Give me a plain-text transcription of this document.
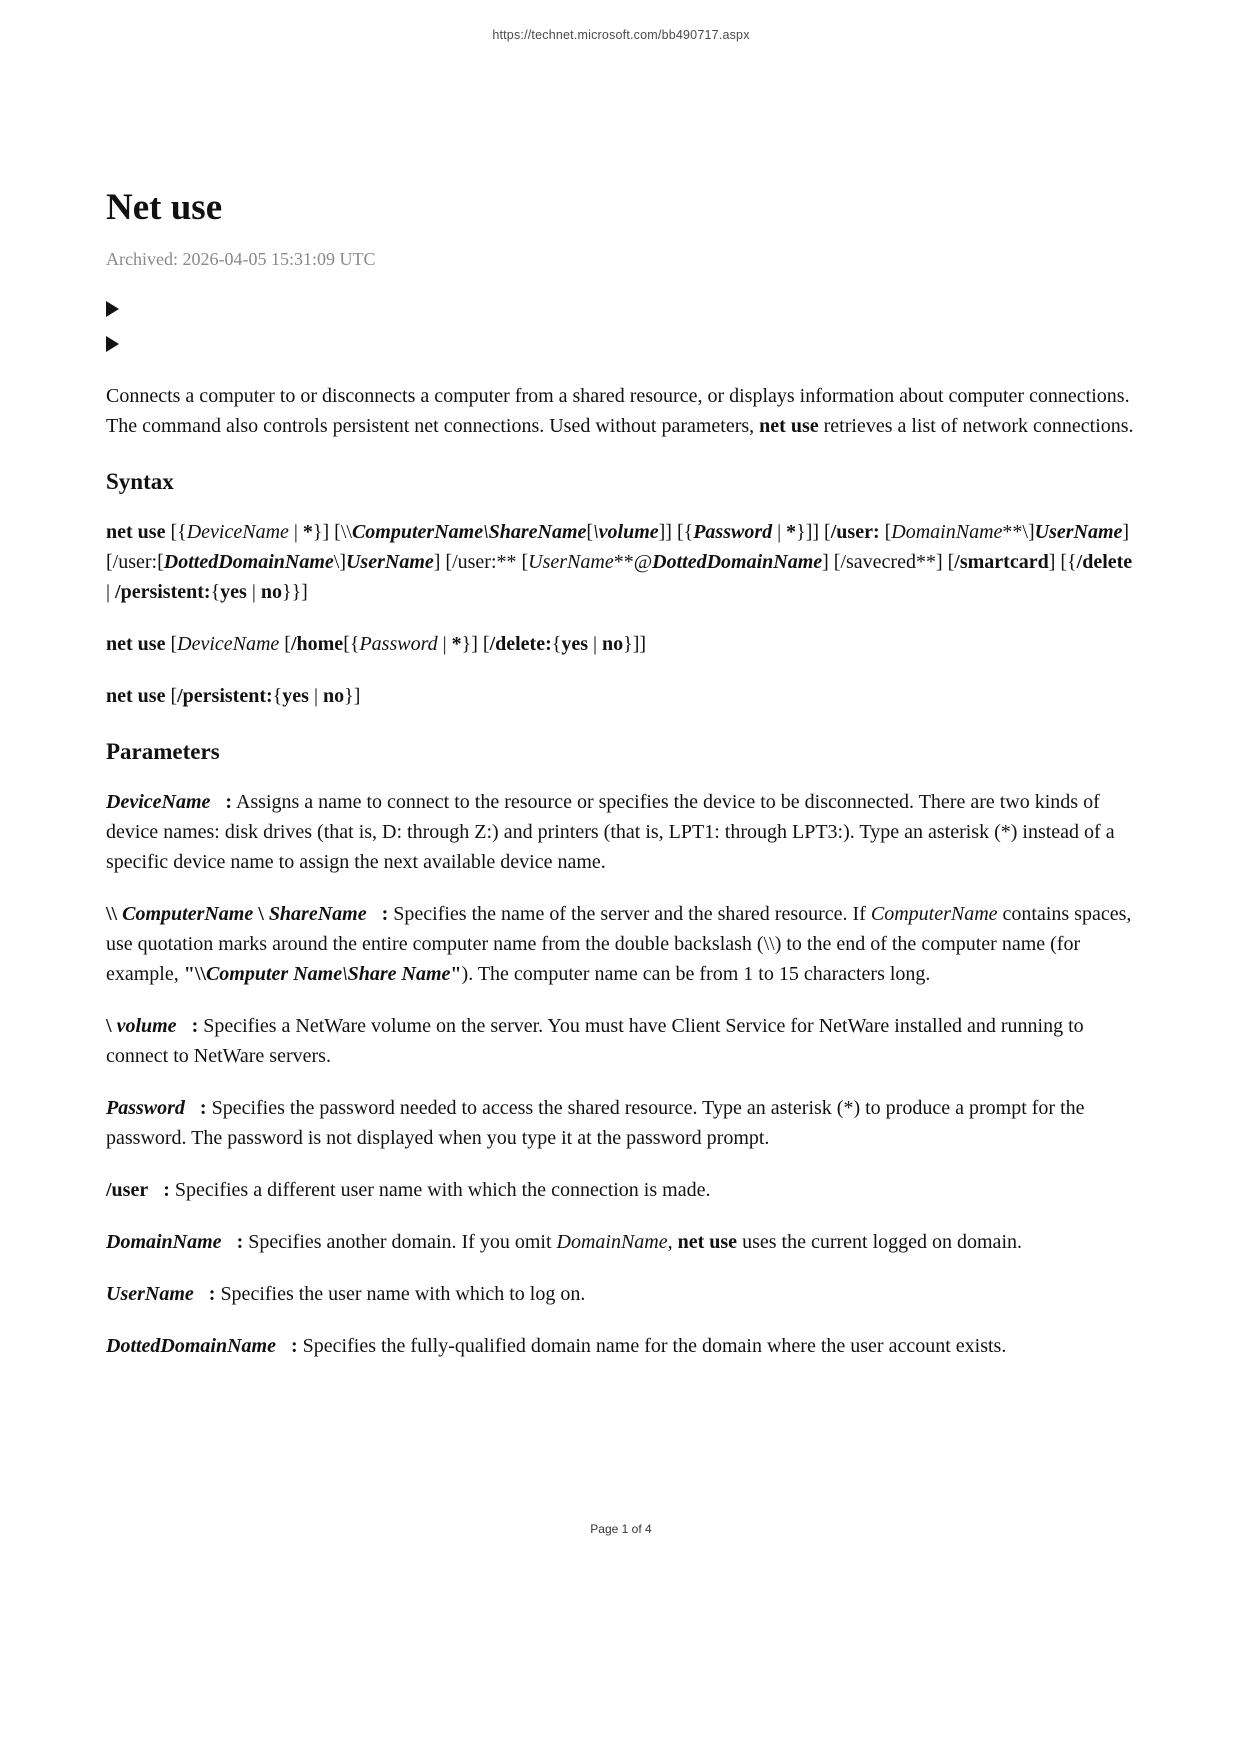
https://technet.microsoft.com/bb490717.aspx
Net use
Archived: 2026-04-05 15:31:09 UTC

Connects a computer to or disconnects a computer from a shared resource, or displays information about computer connections. The command also controls persistent net connections. Used without parameters, net use retrieves a list of network connections.

Syntax

net use [{DeviceName | *}] [\\ComputerName\ShareName[\volume]] [{Password | *}]] [/user: [DomainName**\]UserName] [/user:[DottedDomainName\]UserName] [/user:** [UserName**@DottedDomainName] [/savecred**] [/smartcard] [{/delete | /persistent:{yes | no}}]

net use [DeviceName [/home[{Password | *}] [/delete:{yes | no}]]

net use [/persistent:{yes | no}]

Parameters

DeviceName : Assigns a name to connect to the resource or specifies the device to be disconnected. There are two kinds of device names: disk drives (that is, D: through Z:) and printers (that is, LPT1: through LPT3:). Type an asterisk (*) instead of a specific device name to assign the next available device name.

\\ ComputerName \ ShareName : Specifies the name of the server and the shared resource. If ComputerName contains spaces, use quotation marks around the entire computer name from the double backslash (\\) to the end of the computer name (for example, "\\Computer Name\Share Name"). The computer name can be from 1 to 15 characters long.

\ volume : Specifies a NetWare volume on the server. You must have Client Service for NetWare installed and running to connect to NetWare servers.

Password : Specifies the password needed to access the shared resource. Type an asterisk (*) to produce a prompt for the password. The password is not displayed when you type it at the password prompt.

/user : Specifies a different user name with which the connection is made.

DomainName : Specifies another domain. If you omit DomainName, net use uses the current logged on domain.

UserName : Specifies the user name with which to log on.

DottedDomainName : Specifies the fully-qualified domain name for the domain where the user account exists.

Page 1 of 4
